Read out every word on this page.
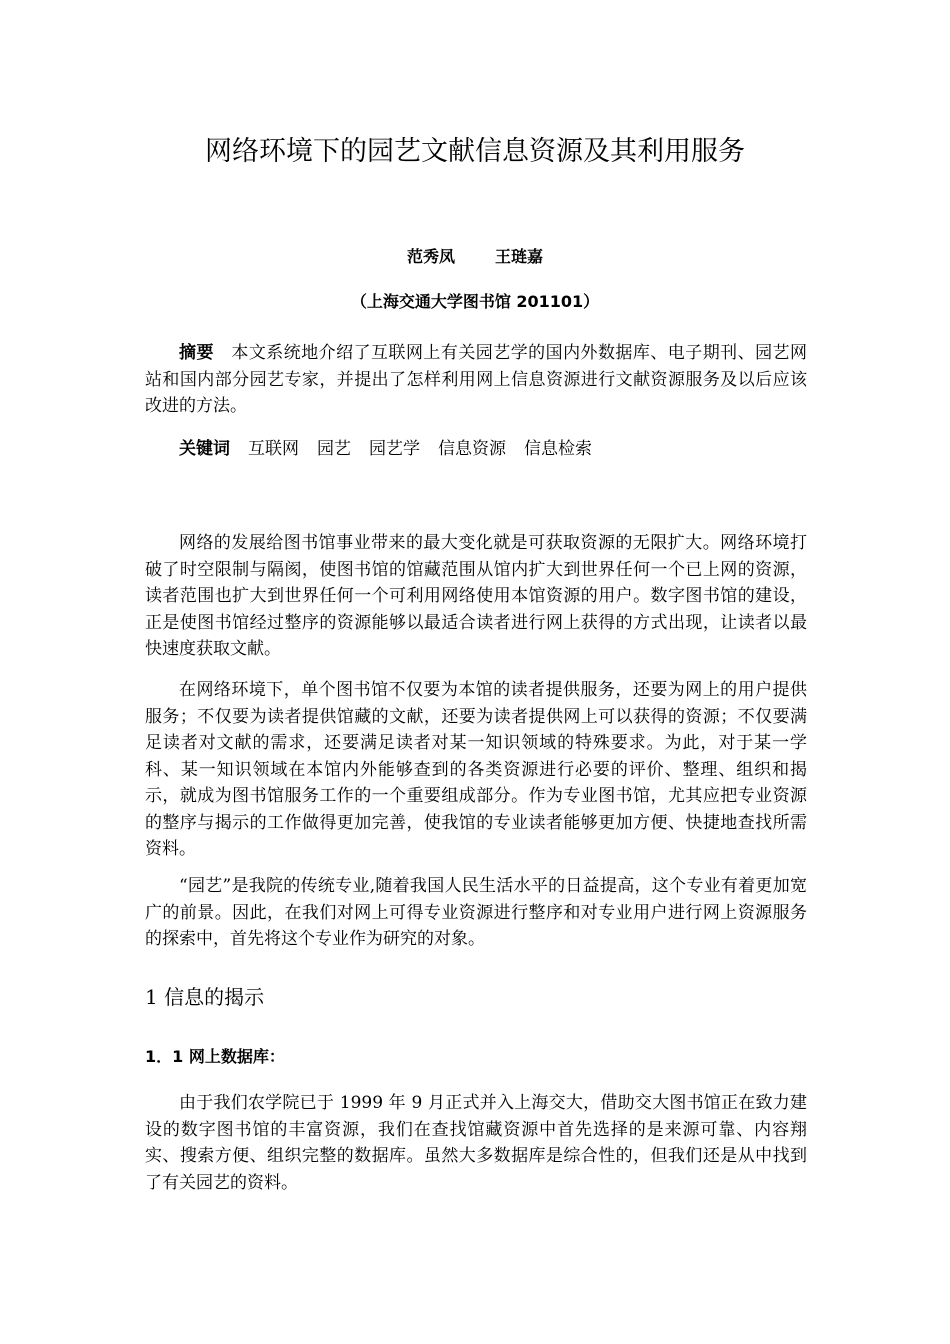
网络环境下的园艺文献信息资源及其利用服务
范秀凤	王琏嘉
（上海交通大学图书馆 201101）

摘要 本文系统地介绍了互联网上有关园艺学的国内外数据库、电子期刊、园艺网站和国内部分园艺专家，并提出了怎样利用网上信息资源进行文献资源服务及以后应该改进的方法。

关键词 互联网 园艺 园艺学 信息资源 信息检索

网络的发展给图书馆事业带来的最大变化就是可获取资源的无限扩大。网络环境打破了时空限制与隔阂，使图书馆的馆藏范围从馆内扩大到世界任何一个已上网的资源，读者范围也扩大到世界任何一个可利用网络使用本馆资源的用户。数字图书馆的建设，正是使图书馆经过整序的资源能够以最适合读者进行网上获得的方式出现，让读者以最快速度获取文献。

在网络环境下，单个图书馆不仅要为本馆的读者提供服务，还要为网上的用户提供服务；不仅要为读者提供馆藏的文献，还要为读者提供网上可以获得的资源；不仅要满足读者对文献的需求，还要满足读者对某一知识领域的特殊要求。为此，对于某一学科、某一知识领域在本馆内外能够查到的各类资源进行必要的评价、整理、组织和揭示，就成为图书馆服务工作的一个重要组成部分。作为专业图书馆，尤其应把专业资源的整序与揭示的工作做得更加完善，使我馆的专业读者能够更加方便、快捷地查找所需资料。

“园艺”是我院的传统专业,随着我国人民生活水平的日益提高，这个专业有着更加宽广的前景。因此，在我们对网上可得专业资源进行整序和对专业用户进行网上资源服务的探索中，首先将这个专业作为研究的对象。

1 信息的揭示
1．1 网上数据库：

由于我们农学院已于 1999 年 9 月正式并入上海交大，借助交大图书馆正在致力建设的数字图书馆的丰富资源，我们在查找馆藏资源中首先选择的是来源可靠、内容翔实、搜索方便、组织完整的数据库。虽然大多数据库是综合性的，但我们还是从中找到了有关园艺的资料。
